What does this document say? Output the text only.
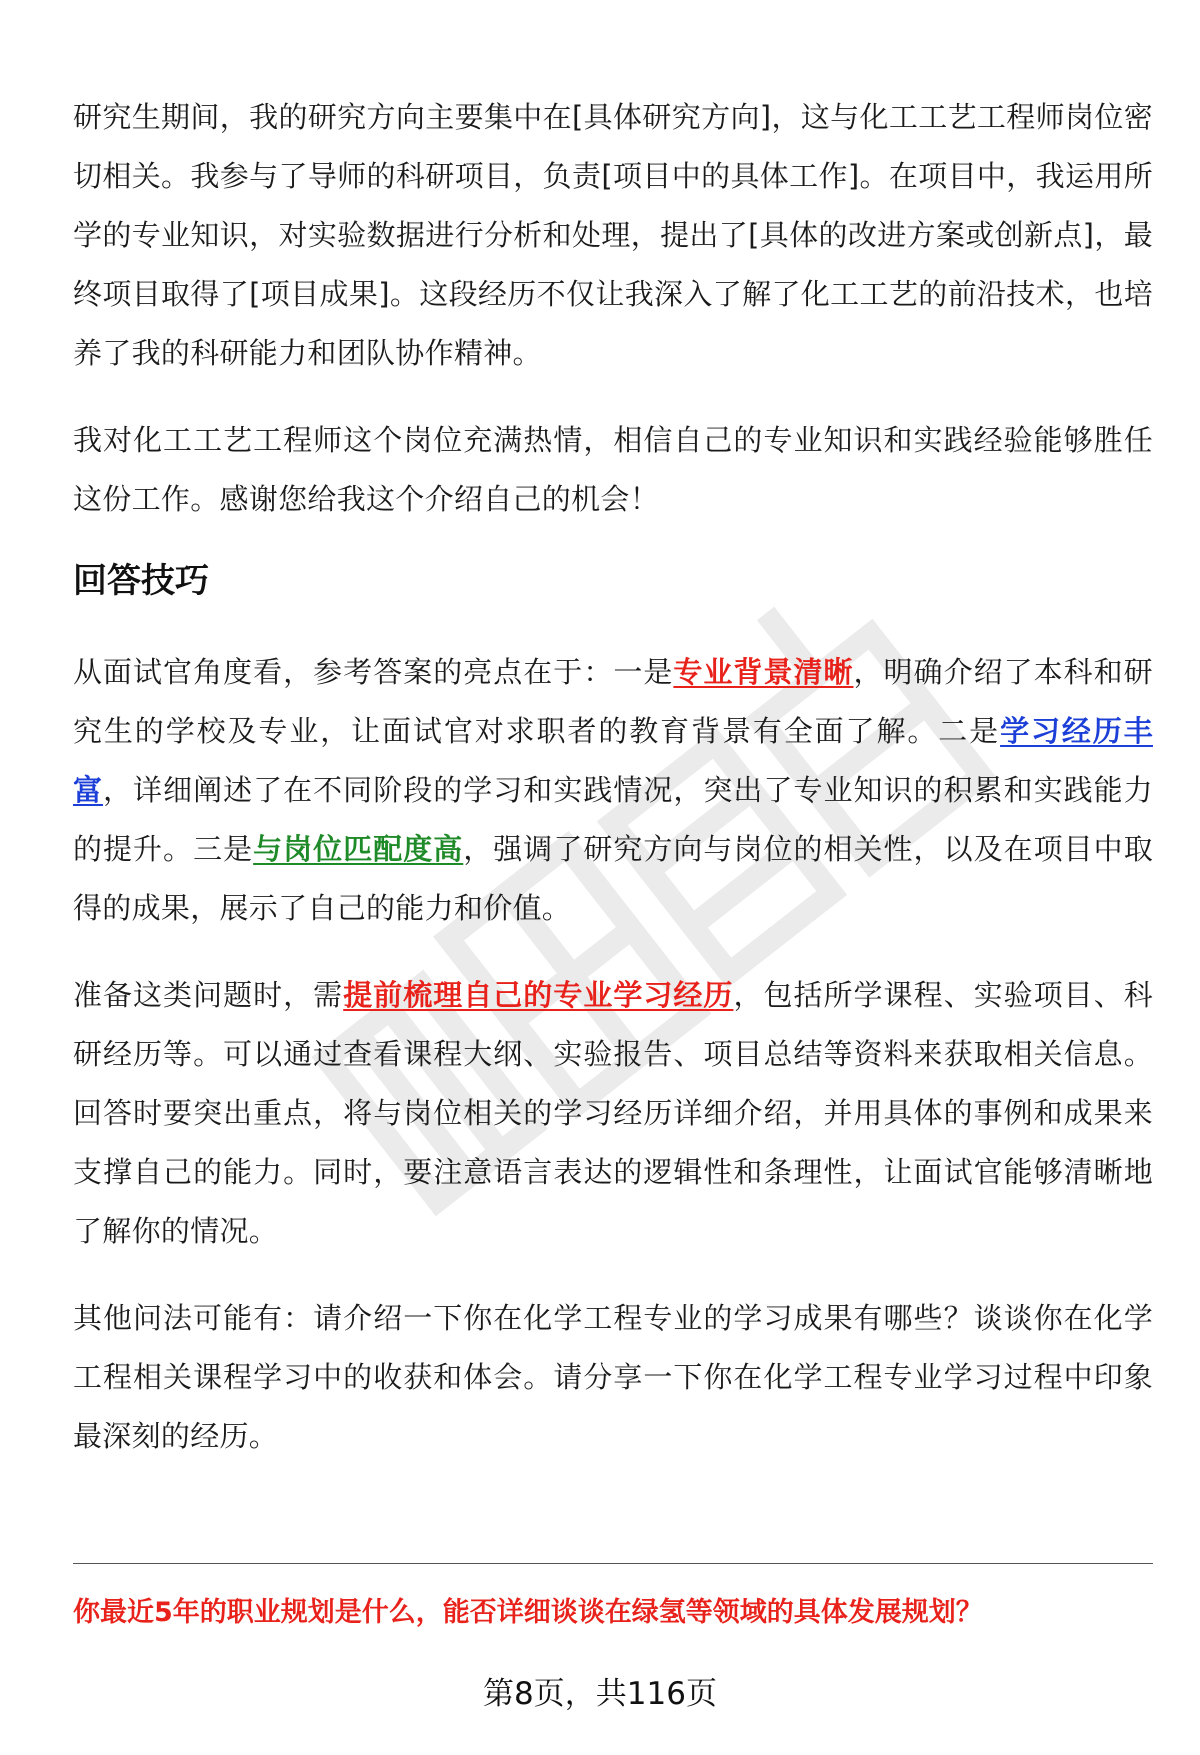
研究生期间，我的研究方向主要集中在[具体研究方向]，这与化工工艺工程师岗位密切相关。我参与了导师的科研项目，负责[项目中的具体工作]。在项目中，我运用所学的专业知识，对实验数据进行分析和处理，提出了[具体的改进方案或创新点]，最终项目取得了[项目成果]。这段经历不仅让我深入了解了化工工艺的前沿技术，也培养了我的科研能力和团队协作精神。

我对化工工艺工程师这个岗位充满热情，相信自己的专业知识和实践经验能够胜任这份工作。感谢您给我这个介绍自己的机会！

回答技巧

从面试官角度看，参考答案的亮点在于：一是专业背景清晰，明确介绍了本科和研究生的学校及专业，让面试官对求职者的教育背景有全面了解。二是学习经历丰富，详细阐述了在不同阶段的学习和实践情况，突出了专业知识的积累和实践能力的提升。三是与岗位匹配度高，强调了研究方向与岗位的相关性，以及在项目中取得的成果，展示了自己的能力和价值。

准备这类问题时，需提前梳理自己的专业学习经历，包括所学课程、实验项目、科研经历等。可以通过查看课程大纲、实验报告、项目总结等资料来获取相关信息。回答时要突出重点，将与岗位相关的学习经历详细介绍，并用具体的事例和成果来支撑自己的能力。同时，要注意语言表达的逻辑性和条理性，让面试官能够清晰地了解你的情况。

其他问法可能有：请介绍一下你在化学工程专业的学习成果有哪些？谈谈你在化学工程相关课程学习中的收获和体会。请分享一下你在化学工程专业学习过程中印象最深刻的经历。

你最近5年的职业规划是什么，能否详细谈谈在绿氢等领域的具体发展规划？
第8页，共116页
